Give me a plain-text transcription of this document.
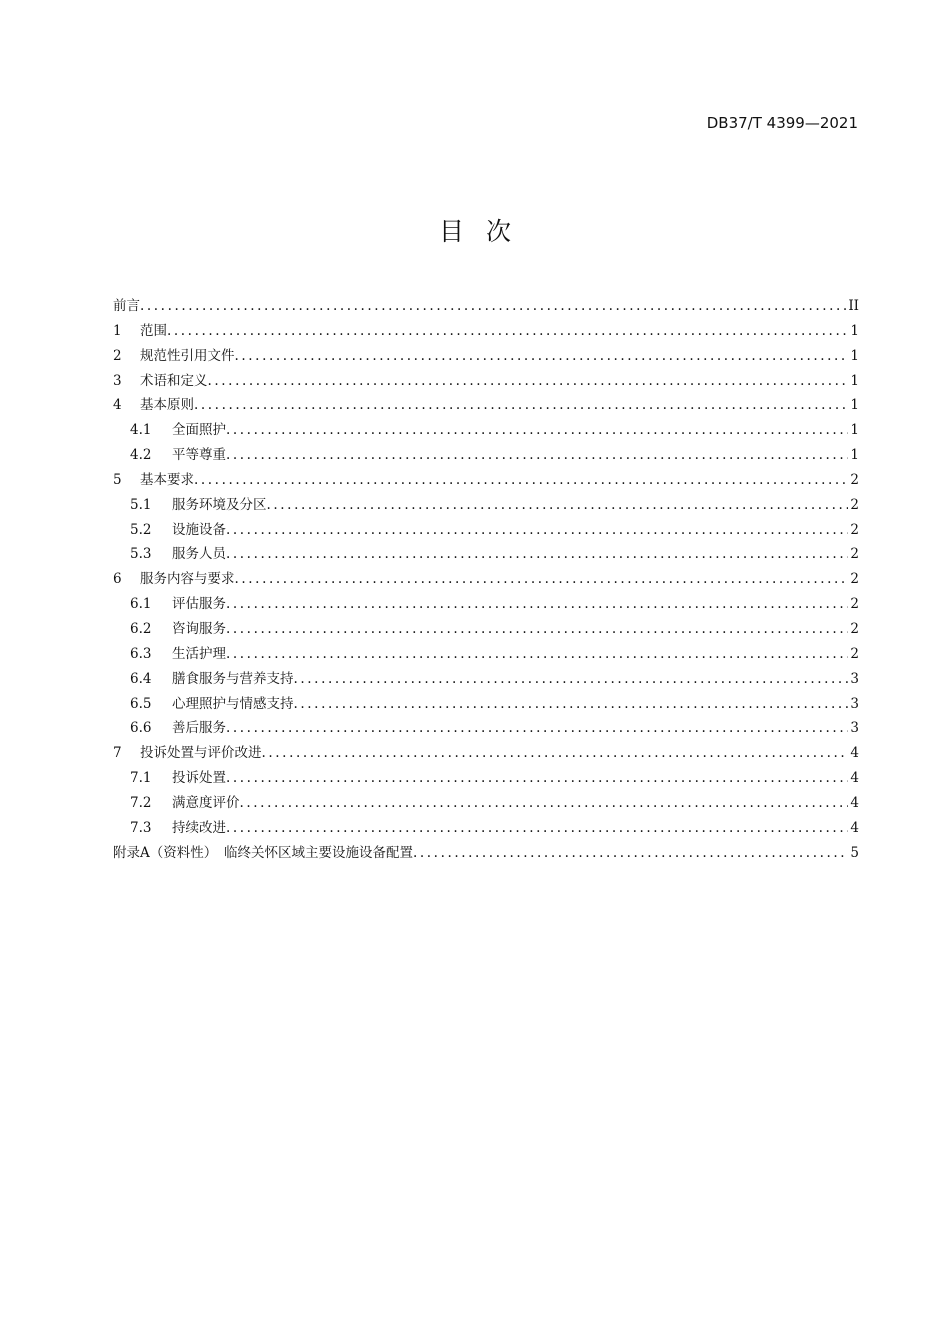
DB37/T 4399—2021
目次
前言 .....	II
1	范围 .....	1
2	规范性引用文件 .....	1
3	术语和定义 .....	1
4	基本原则 .....	1
4.1	全面照护 .....	1
4.2	平等尊重 .....	1
5	基本要求 .....	2
5.1	服务环境及分区 .....	2
5.2	设施设备 .....	2
5.3	服务人员 .....	2
6	服务内容与要求 .....	2
6.1	评估服务 .....	2
6.2	咨询服务 .....	2
6.3	生活护理 .....	2
6.4	膳食服务与营养支持 .....	3
6.5	心理照护与情感支持 .....	3
6.6	善后服务 .....	3
7	投诉处置与评价改进 .....	4
7.1	投诉处置 .....	4
7.2	满意度评价 .....	4
7.3	持续改进 .....	4
附录A（资料性）　临终关怀区域主要设施设备配置 .....	5
